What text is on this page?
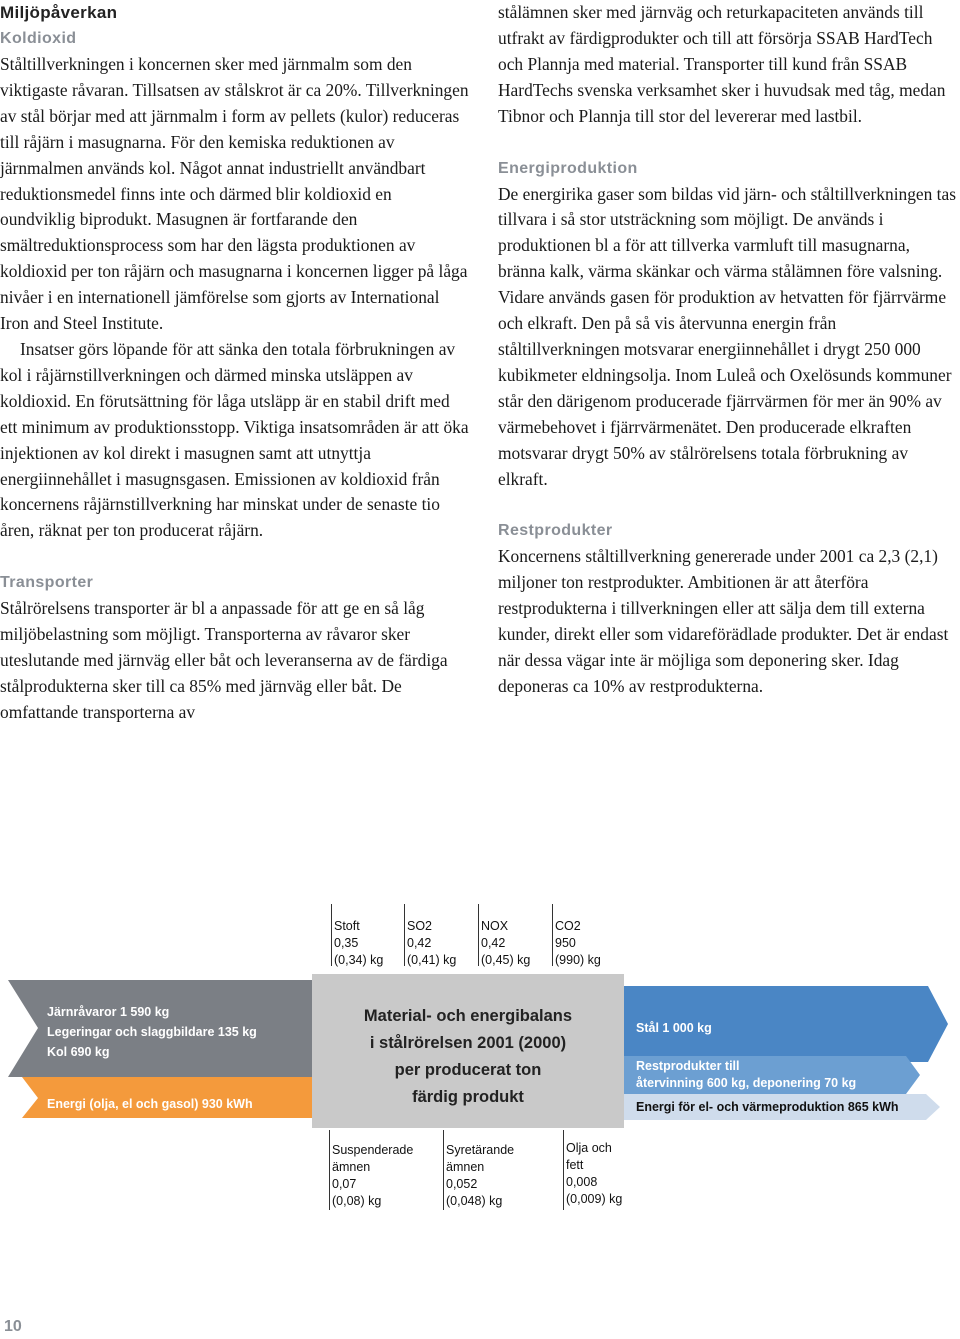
Miljöpåverkan
Koldioxid

Ståltillverkningen i koncernen sker med järnmalm som den viktigaste råvaran. Tillsatsen av stålskrot är ca 20%. Tillverkningen av stål börjar med att järnmalm i form av pellets (kulor) reduceras till råjärn i masugnarna. För den kemiska reduktionen av järnmalmen används kol. Något annat industriellt användbart reduktionsmedel finns inte och därmed blir koldioxid en oundviklig biprodukt. Masugnen är fortfarande den smältreduktionsprocess som har den lägsta produktionen av koldioxid per ton råjärn och masugnarna i koncernen ligger på låga nivåer i en internationell jämförelse som gjorts av International Iron and Steel Institute.

Insatser görs löpande för att sänka den totala förbrukningen av kol i råjärnstillverkningen och därmed minska utsläppen av koldioxid. En förutsättning för låga utsläpp är en stabil drift med ett minimum av produktionsstopp. Viktiga insatsområden är att öka injektionen av kol direkt i masugnen samt att utnyttja energiinnehållet i masugnsgasen. Emissionen av koldioxid från koncernens råjärnstillverkning har minskat under de senaste tio åren, räknat per ton producerat råjärn.

Transporter

Stålrörelsens transporter är bl a anpassade för att ge en så låg miljöbelastning som möjligt. Transporterna av råvaror sker uteslutande med järnväg eller båt och leveranserna av de färdiga stålprodukterna sker till ca 85% med järnväg eller båt. De omfattande transporterna av

stålämnen sker med järnväg och returkapaciteten används till utfrakt av färdigprodukter och till att försörja SSAB HardTech och Plannja med material. Transporter till kund från SSAB HardTechs svenska verksamhet sker i huvudsak med tåg, medan Tibnor och Plannja till stor del levererar med lastbil.

Energiproduktion

De energirika gaser som bildas vid järn- och ståltillverkningen tas tillvara i så stor utsträckning som möjligt. De används i produktionen bl a för att tillverka varmluft till masugnarna, bränna kalk, värma skänkar och värma stålämnen före valsning. Vidare används gasen för produktion av hetvatten för fjärrvärme och elkraft. Den på så vis återvunna energin från ståltillverkningen motsvarar energiinnehållet i drygt 250 000 kubikmeter eldningsolja. Inom Luleå och Oxelösunds kommuner står den därigenom producerade fjärrvärmen för mer än 90% av värmebehovet i fjärrvärmenätet. Den producerade elkraften motsvarar drygt 50% av stålrörelsens totala förbrukning av elkraft.

Restprodukter

Koncernens ståltillverkning genererade under 2001 ca 2,3 (2,1) miljoner ton restprodukter. Ambitionen är att återföra restprodukterna i tillverkningen eller att sälja dem till externa kunder, direkt eller som vidareförädlade produkter. Det är endast när dessa vägar inte är möjliga som deponering sker. Idag deponeras ca 10% av restprodukterna.

Stoft
0,35
(0,34) kg
SO2
0,42
(0,41) kg
NOX
0,42
(0,45) kg
CO2
950
(990) kg
Järnråvaror 1 590 kg
Legeringar och slaggbildare 135 kg
Kol 690 kg
Energi (olja, el och gasol) 930 kWh
Material- och energibalans
i stålrörelsen 2001 (2000)
per producerat ton
färdig produkt
Stål 1 000 kg
Restprodukter till
återvinning 600 kg, deponering 70 kg
Energi för el- och värmeproduktion 865 kWh
Suspenderade
ämnen
0,07
(0,08) kg
Syretärande
ämnen
0,052
(0,048) kg
Olja och
fett
0,008
(0,009) kg
10
